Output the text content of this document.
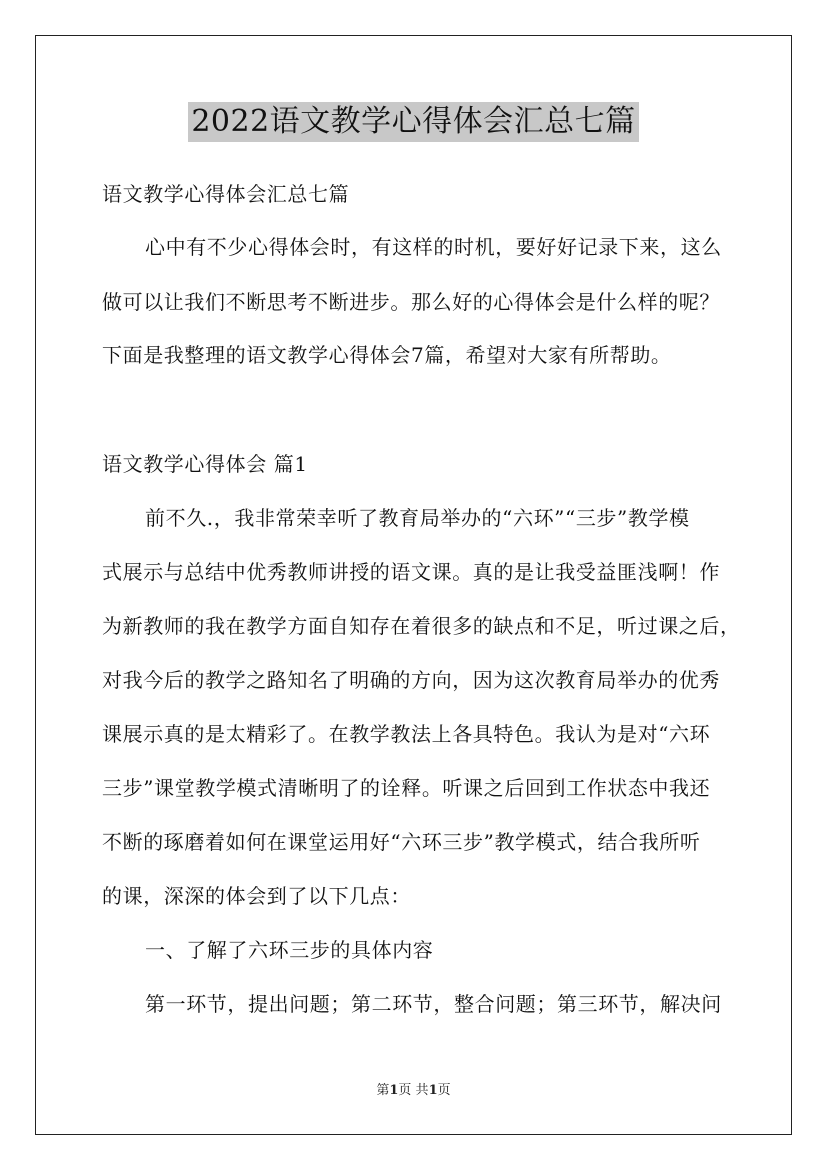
2022语文教学心得体会汇总七篇
语文教学心得体会汇总七篇
心中有不少心得体会时，有这样的时机，要好好记录下来，这么
做可以让我们不断思考不断进步。那么好的心得体会是什么样的呢？
下面是我整理的语文教学心得体会7篇，希望对大家有所帮助。
语文教学心得体会 篇1
前不久.，我非常荣幸听了教育局举办的“六环”“三步”教学模
式展示与总结中优秀教师讲授的语文课。真的是让我受益匪浅啊！作
为新教师的我在教学方面自知存在着很多的缺点和不足，听过课之后，
对我今后的教学之路知名了明确的方向，因为这次教育局举办的优秀
课展示真的是太精彩了。在教学教法上各具特色。我认为是对“六环
三步”课堂教学模式清晰明了的诠释。听课之后回到工作状态中我还
不断的琢磨着如何在课堂运用好“六环三步”教学模式，结合我所听
的课，深深的体会到了以下几点：
一、了解了六环三步的具体内容
第一环节，提出问题；第二环节，整合问题；第三环节，解决问
第1页 共1页
